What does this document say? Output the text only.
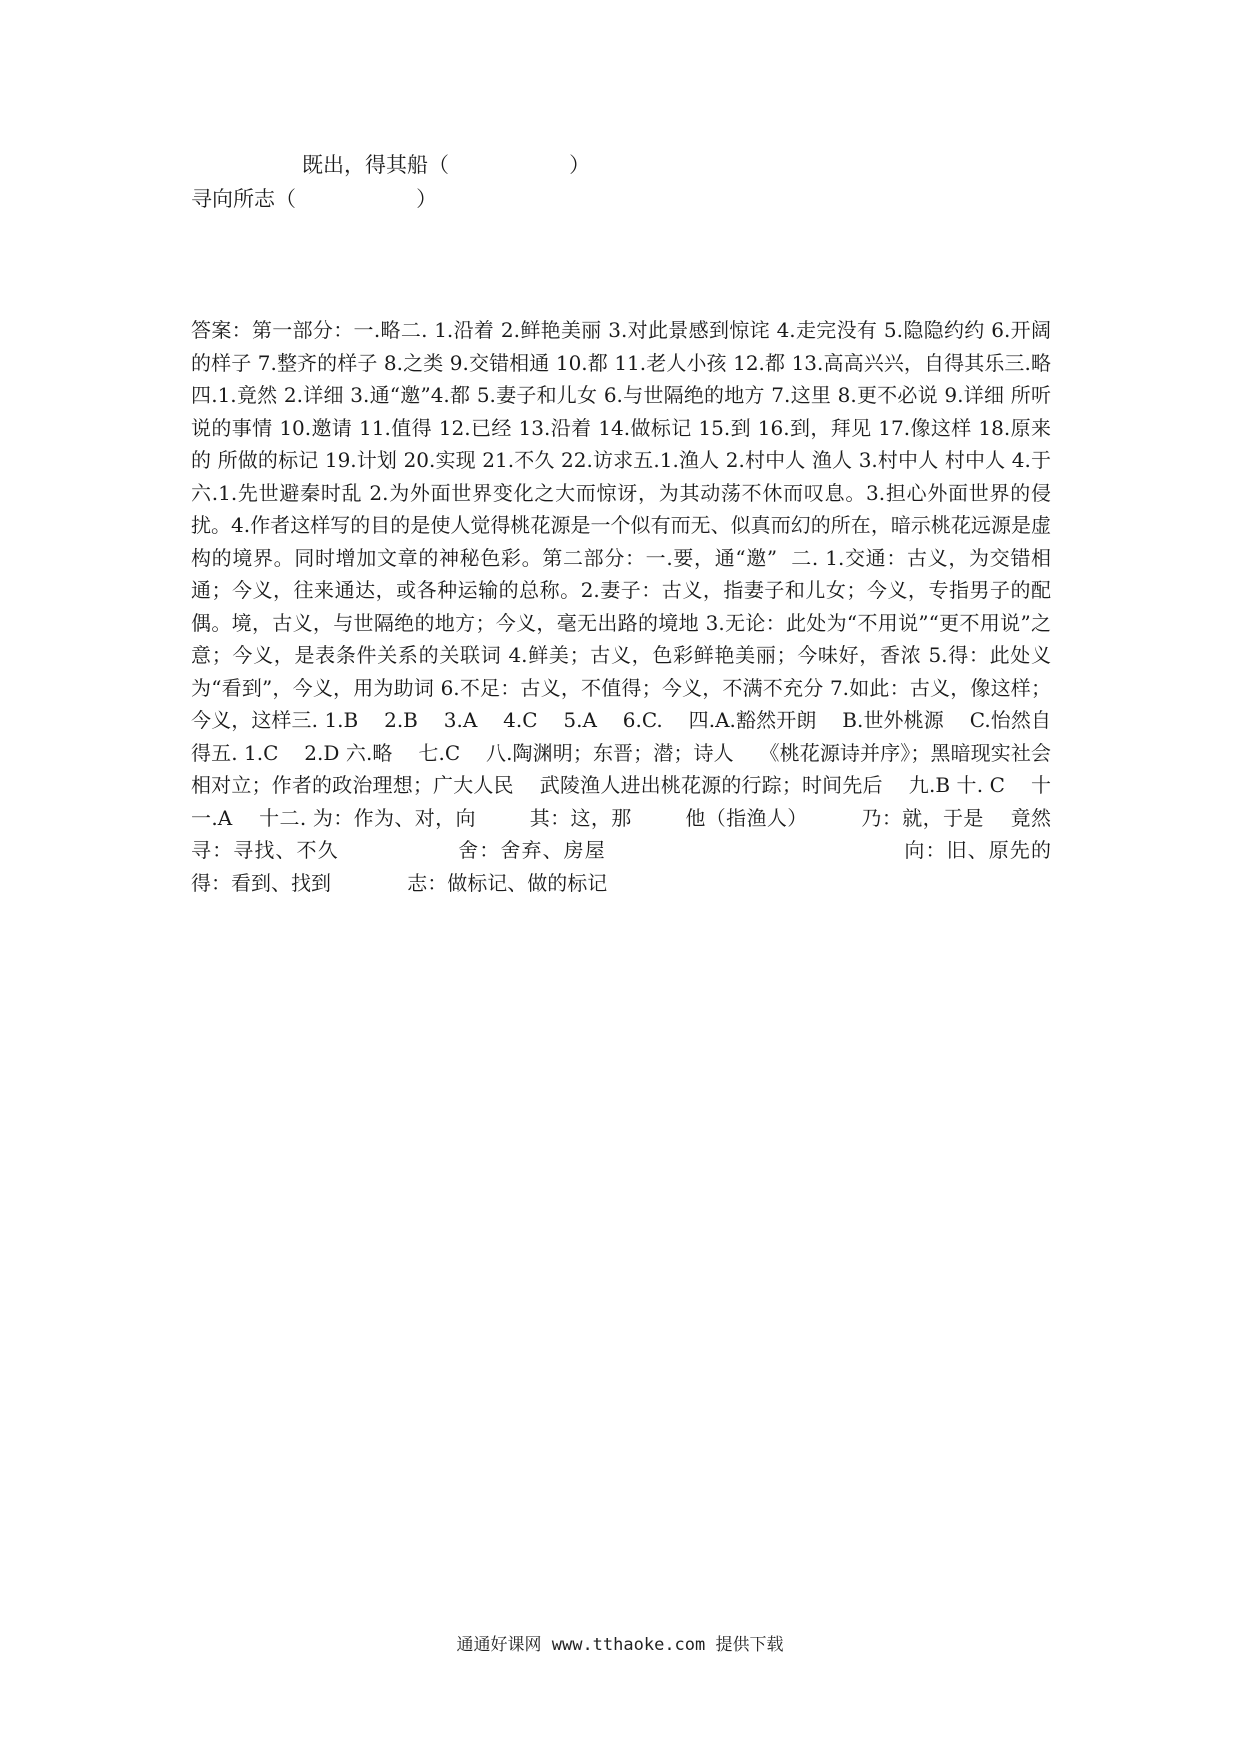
既出，得其船（                  ）
寻向所志（                  ）

答案：第一部分：一.略二. 1.沿着 2.鲜艳美丽 3.对此景感到惊诧 4.走完没有 5.隐隐约约 6.开阔的样子 7.整齐的样子 8.之类 9.交错相通 10.都 11.老人小孩 12.都 13.高高兴兴，自得其乐三.略四.1.竟然 2.详细 3.通“邀”4.都 5.妻子和儿女 6.与世隔绝的地方 7.这里 8.更不必说 9.详细 所听说的事情 10.邀请 11.值得 12.已经 13.沿着 14.做标记 15.到 16.到，拜见 17.像这样 18.原来的 所做的标记 19.计划 20.实现 21.不久 22.访求五.1.渔人 2.村中人 渔人 3.村中人 村中人 4.于六.1.先世避秦时乱 2.为外面世界变化之大而惊讶，为其动荡不休而叹息。3.担心外面世界的侵扰。4.作者这样写的目的是使人觉得桃花源是一个似有而无、似真而幻的所在，暗示桃花远源是虚构的境界。同时增加文章的神秘色彩。第二部分：一.要，通“邀”  二. 1.交通：古义，为交错相通；今义，往来通达，或各种运输的总称。2.妻子：古义，指妻子和儿女；今义，专指男子的配偶。境，古义，与世隔绝的地方；今义，毫无出路的境地 3.无论：此处为“不用说”“更不用说”之意；今义，是表条件关系的关联词 4.鲜美；古义，色彩鲜艳美丽；今味好，香浓 5.得：此处义为“看到”，今义，用为助词 6.不足：古义，不值得；今义，不满不充分 7.如此：古义，像这样；今义，这样三. 1.B    2.B    3.A    4.C    5.A    6.C.    四.A.豁然开朗    B.世外桃源    C.怡然自得五. 1.C    2.D 六.略    七.C    八.陶渊明；东晋；潜；诗人    《桃花源诗并序》；黑暗现实社会相对立；作者的政治理想；广大人民    武陵渔人进出桃花源的行踪；时间先后    九.B 十. C    十一.A    十二. 为：作为、对，向        其：这，那        他（指渔人）        乃：就，于是    竟然        寻：寻找、不久                舍：舍弃、房屋                                        向：旧、原先的                    得：看到、找到            志：做标记、做的标记

通通好课网 www.tthaoke.com 提供下载
